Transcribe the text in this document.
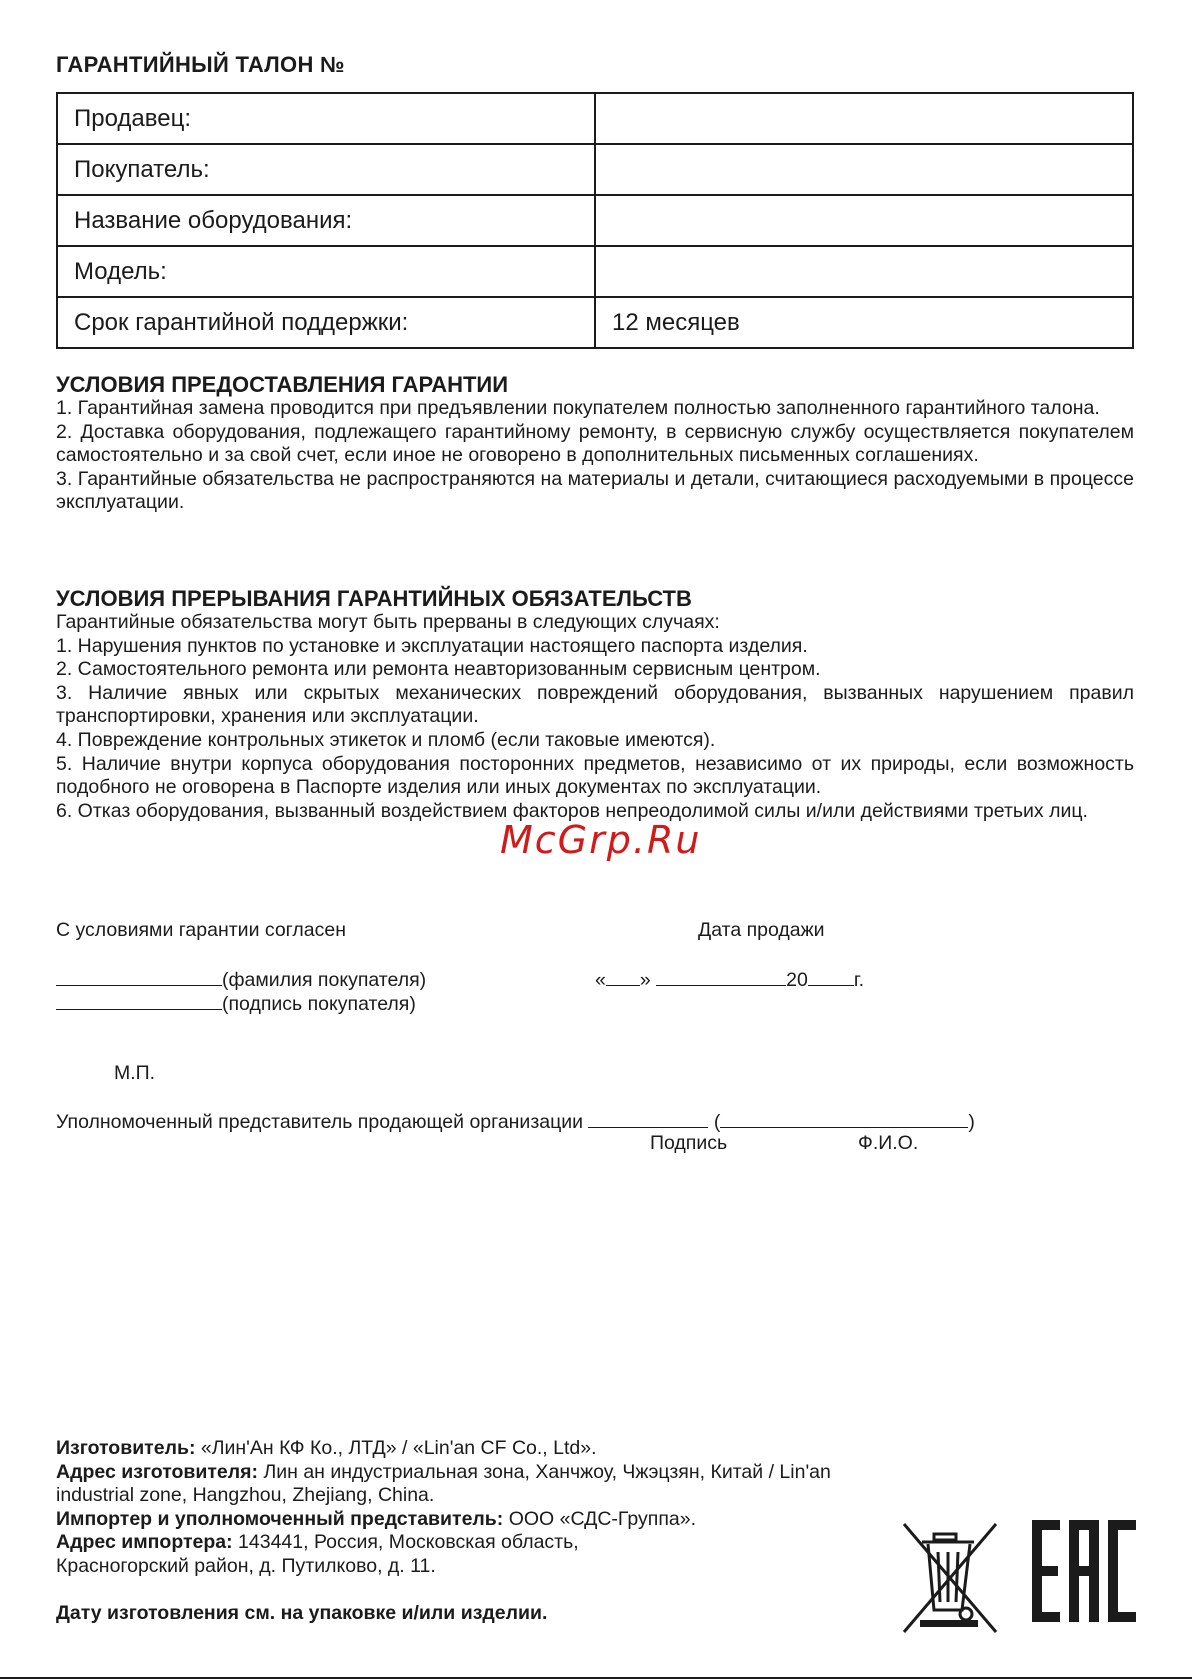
ГАРАНТИЙНЫЙ ТАЛОН №
Продавец:	
Покупатель:	
Название оборудования:	
Модель:	
Срок гарантийной поддержки:	12 месяцев
УСЛОВИЯ ПРЕДОСТАВЛЕНИЯ ГАРАНТИИ

1. Гарантийная замена проводится при предъявлении покупателем полностью заполненного гарантийного талона.

2. Доставка оборудования, подлежащего гарантийному ремонту, в сервисную службу осуществляется покупателем самостоятельно и за свой счет, если иное не оговорено в дополнительных письменных соглашениях.

3. Гарантийные обязательства не распространяются на материалы и детали, считающиеся расходуемыми в процессе эксплуатации.

УСЛОВИЯ ПРЕРЫВАНИЯ ГАРАНТИЙНЫХ ОБЯЗАТЕЛЬСТВ

Гарантийные обязательства могут быть прерваны в следующих случаях:

1. Нарушения пунктов по установке и эксплуатации настоящего паспорта изделия.

2. Самостоятельного ремонта или ремонта неавторизованным сервисным центром.

3. Наличие явных или скрытых механических повреждений оборудования, вызванных нарушением правил транспортировки, хранения или эксплуатации.

4. Повреждение контрольных этикеток и пломб (если таковые имеются).

5. Наличие внутри корпуса оборудования посторонних предметов, независимо от их природы, если возможность подобного не оговорена в Паспорте изделия или иных документах по эксплуатации.

6. Отказ оборудования, вызванный воздействием факторов непреодолимой силы и/или действиями третьих лиц.

McGrp.Ru
С условиями гарантии согласен	Дата продажи
(фамилия покупателя)
(подпись покупателя)
« »	20 г.
М.П.
Уполномоченный представитель продающей организации	(	)
Подпись	Ф.И.О.
Изготовитель: «Лин'Ан КФ Ко., ЛТД» / «Lin'an CF Co., Ltd».
Адрес изготовителя: Лин ан индустриальная зона, Ханчжоу, Чжэцзян, Китай / Lin'an industrial zone, Hangzhou, Zhejiang, China.
Импортер и уполномоченный представитель: ООО «СДС-Группа».
Адрес импортера: 143441, Россия, Московская область,
Красногорский район, д. Путилково, д. 11.
Дату изготовления см. на упаковке и/или изделии.
